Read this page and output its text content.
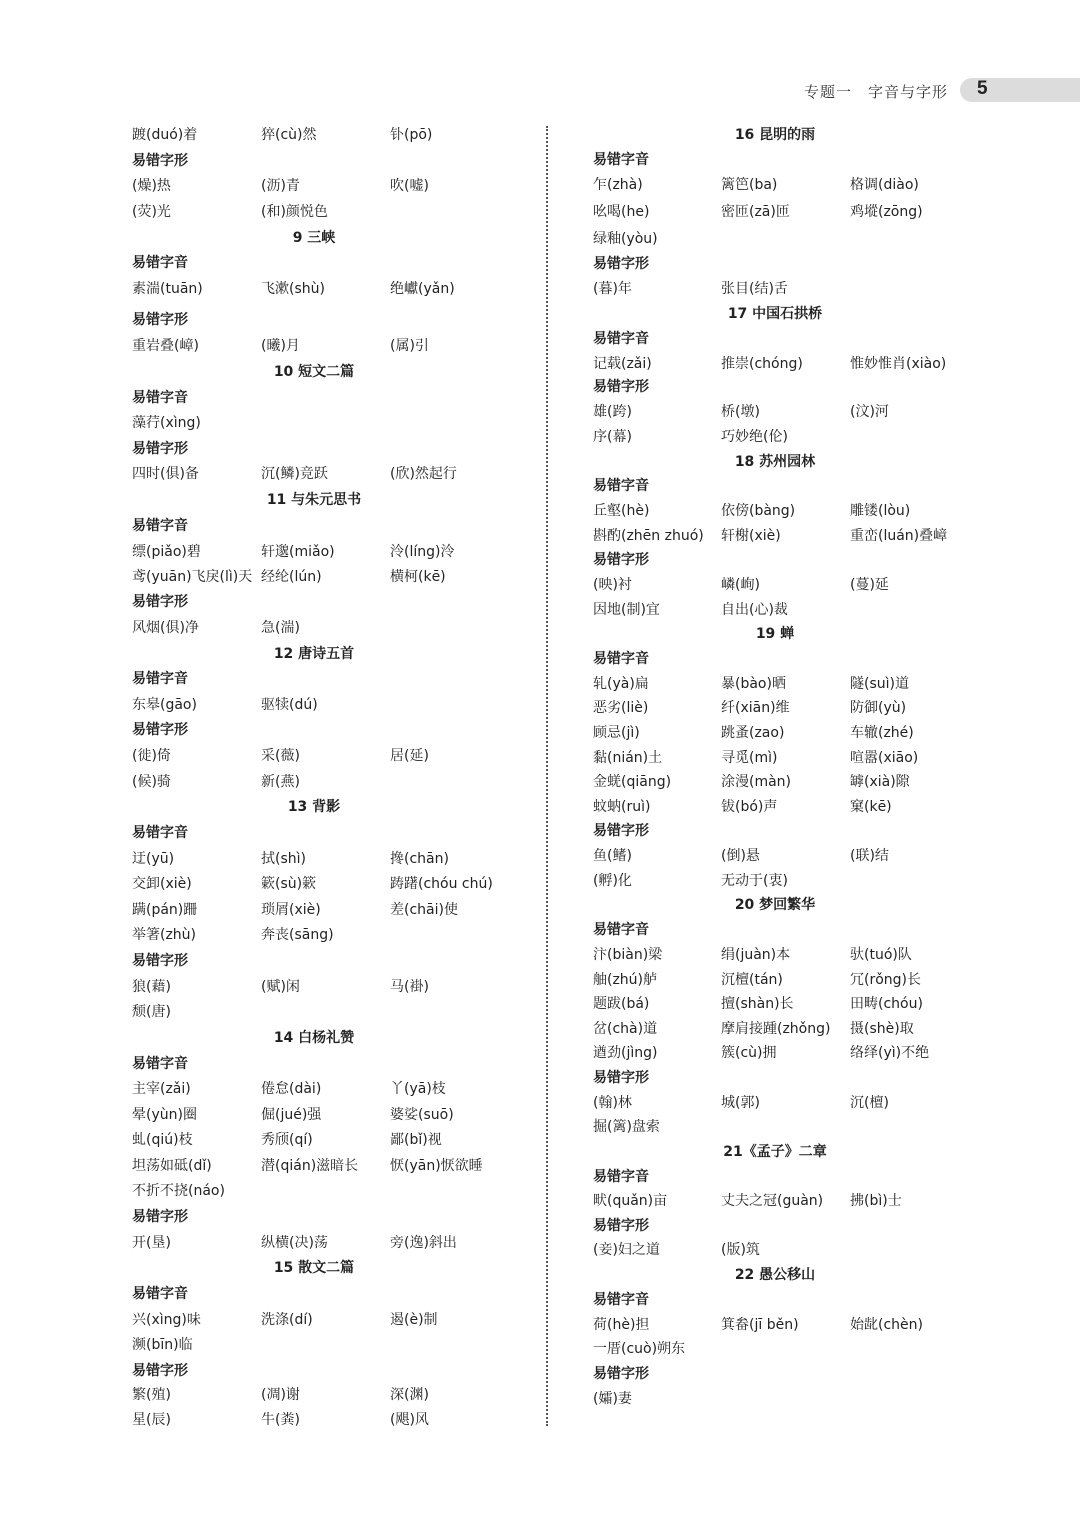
专题一　字音与字形 5
踱(duó)着	猝(cù)然	钋(pō)
易错字形
(燥)热	(沥)青	吹(嘘)
(荧)光	(和)颜悦色
9 三峡
易错字音
素湍(tuān)	飞漱(shù)	绝巘(yǎn)
易错字形
重岩叠(嶂)	(曦)月	(属)引
10 短文二篇
易错字音
藻荇(xìng)
易错字形
四时(俱)备	沉(鳞)竞跃	(欣)然起行
11 与朱元思书
易错字音
缥(piǎo)碧	轩邈(miǎo)	泠(líng)泠
鸢(yuān)飞戾(lì)天 经纶(lún)	横柯(kē)
易错字形
风烟(俱)净	急(湍)
12 唐诗五首
易错字音
东皋(gāo)	驱犊(dú)
易错字形
(徙)倚	采(薇)	居(延)
(候)骑	新(燕)
13 背影
易错字音
迂(yū)	拭(shì)	搀(chān)
交卸(xiè)	簌(sù)簌	踌躇(chóu chú)
蹒(pán)跚	琐屑(xiè)	差(chāi)使
举箸(zhù)	奔丧(sāng)
易错字形
狼(藉)	(赋)闲	马(褂)
颓(唐)
14 白杨礼赞
易错字音
主宰(zǎi)	倦怠(dài)	丫(yā)枝
晕(yùn)圈	倔(jué)强	婆娑(suō)
虬(qiú)枝	秀颀(qí)	鄙(bǐ)视
坦荡如砥(dǐ)	潜(qián)滋暗长 恹(yān)恹欲睡
不折不挠(náo)
易错字形
开(垦)	纵横(决)荡	旁(逸)斜出
15 散文二篇
易错字音
兴(xìng)味	洗涤(dí)	遏(è)制
濒(bīn)临
易错字形
繁(殖)	(凋)谢	深(渊)
星(辰)	牛(粪)	(飓)风
16 昆明的雨
易错字音
乍(zhà)	篱笆(ba)	格调(diào)
吆喝(he)	密匝(zā)匝	鸡㙡(zōng)
绿釉(yòu)
易错字形
(暮)年	张目(结)舌
17 中国石拱桥
易错字音
记载(zǎi)	推崇(chóng)	惟妙惟肖(xiào)
易错字形
雄(跨)	桥(墩)	(汶)河
序(幕)	巧妙绝(伦)
18 苏州园林
易错字音
丘壑(hè)	依傍(bàng)	雕镂(lòu)
斟酌(zhēn zhuó) 轩榭(xiè)	重峦(luán)叠嶂
易错字形
(映)衬	嶙(峋)	(蔓)延
因地(制)宜	自出(心)裁
19 蝉
易错字音
轧(yà)扁	暴(bào)晒	隧(suì)道
恶劣(liè)	纤(xiān)维	防御(yù)
顾忌(jì)	跳蚤(zao)	车辙(zhé)
黏(nián)土	寻觅(mì)	喧嚣(xiāo)
金蜣(qiāng)	涂漫(màn)	罅(xià)隙
蚊蚋(ruì)	钹(bó)声	窠(kē)
易错字形
鱼(鳍)	(倒)悬	(联)结
(孵)化	无动于(衷)
20 梦回繁华
易错字音
汴(biàn)梁	绢(juàn)本	驮(tuó)队
舳(zhú)舻	沉檀(tán)	冗(rǒng)长
题跋(bá)	擅(shàn)长	田畴(chóu)
岔(chà)道	摩肩接踵(zhǒng) 摄(shè)取
遒劲(jìng)	簇(cù)拥	络绎(yì)不绝
易错字形
(翰)林	城(郭)	沉(檀)
掘(篱)盘索
21《孟子》二章
易错字音
畎(quǎn)亩	丈夫之冠(guàn) 拂(bì)士
易错字形
(妾)妇之道	(版)筑
22 愚公移山
易错字音
荷(hè)担	箕畚(jī běn)	始龀(chèn)
一厝(cuò)朔东
易错字形
(孀)妻
